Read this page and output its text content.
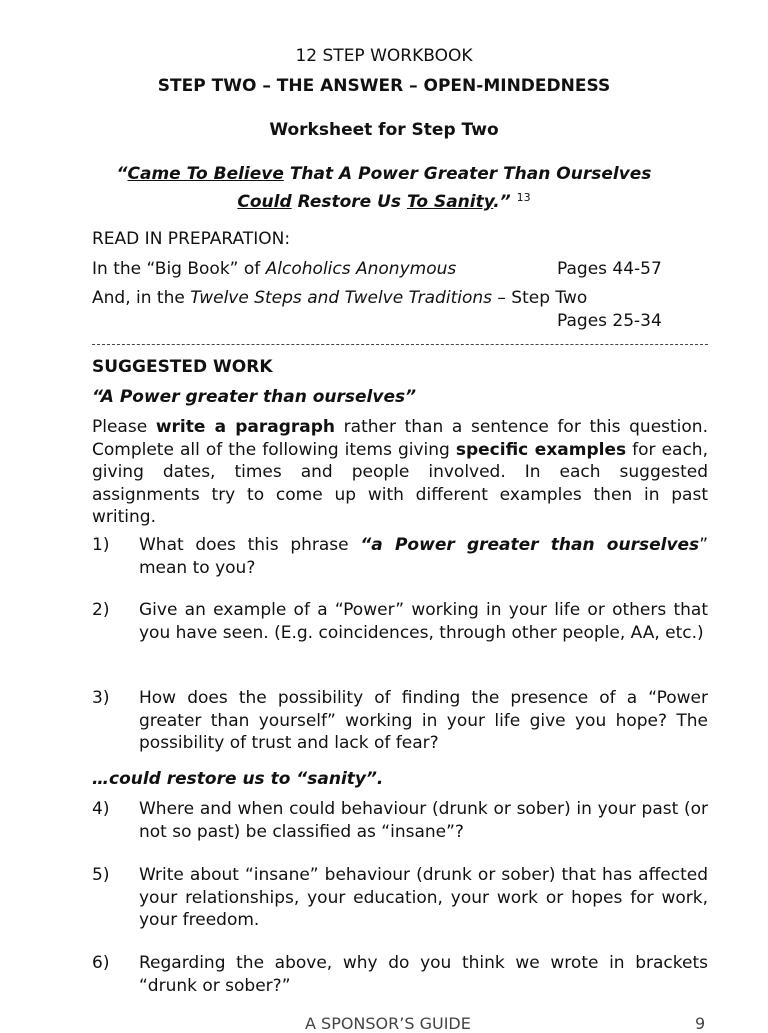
12 STEP WORKBOOK
STEP TWO – THE ANSWER – OPEN-MINDEDNESS
Worksheet for Step Two
“Came To Believe That A Power Greater Than Ourselves
Could Restore Us To Sanity.” $^{13}$
READ IN PREPARATION:
In the “Big Book” of Alcoholics Anonymous	Pages 44-57
And, in the Twelve Steps and Twelve Traditions – Step Two
Pages 25-34
SUGGESTED WORK
“A Power greater than ourselves”
Please write a paragraph rather than a sentence for this question. Complete all of the following items giving specific examples for each, giving dates, times and people involved. In each suggested assignments try to come up with different examples then in past writing.
1)	What does this phrase “a Power greater than ourselves” mean to you?
2)	Give an example of a “Power” working in your life or others that you have seen. (E.g. coincidences, through other people, AA, etc.)
3)	How does the possibility of finding the presence of a “Power greater than yourself” working in your life give you hope? The possibility of trust and lack of fear?
…could restore us to “sanity”.
4)	Where and when could behaviour (drunk or sober) in your past (or not so past) be classified as “insane”?
5)	Write about “insane” behaviour (drunk or sober) that has affected your relationships, your education, your work or hopes for work, your freedom.
6)	Regarding the above, why do you think we wrote in brackets “drunk or sober?”
A SPONSOR’S GUIDE	9
